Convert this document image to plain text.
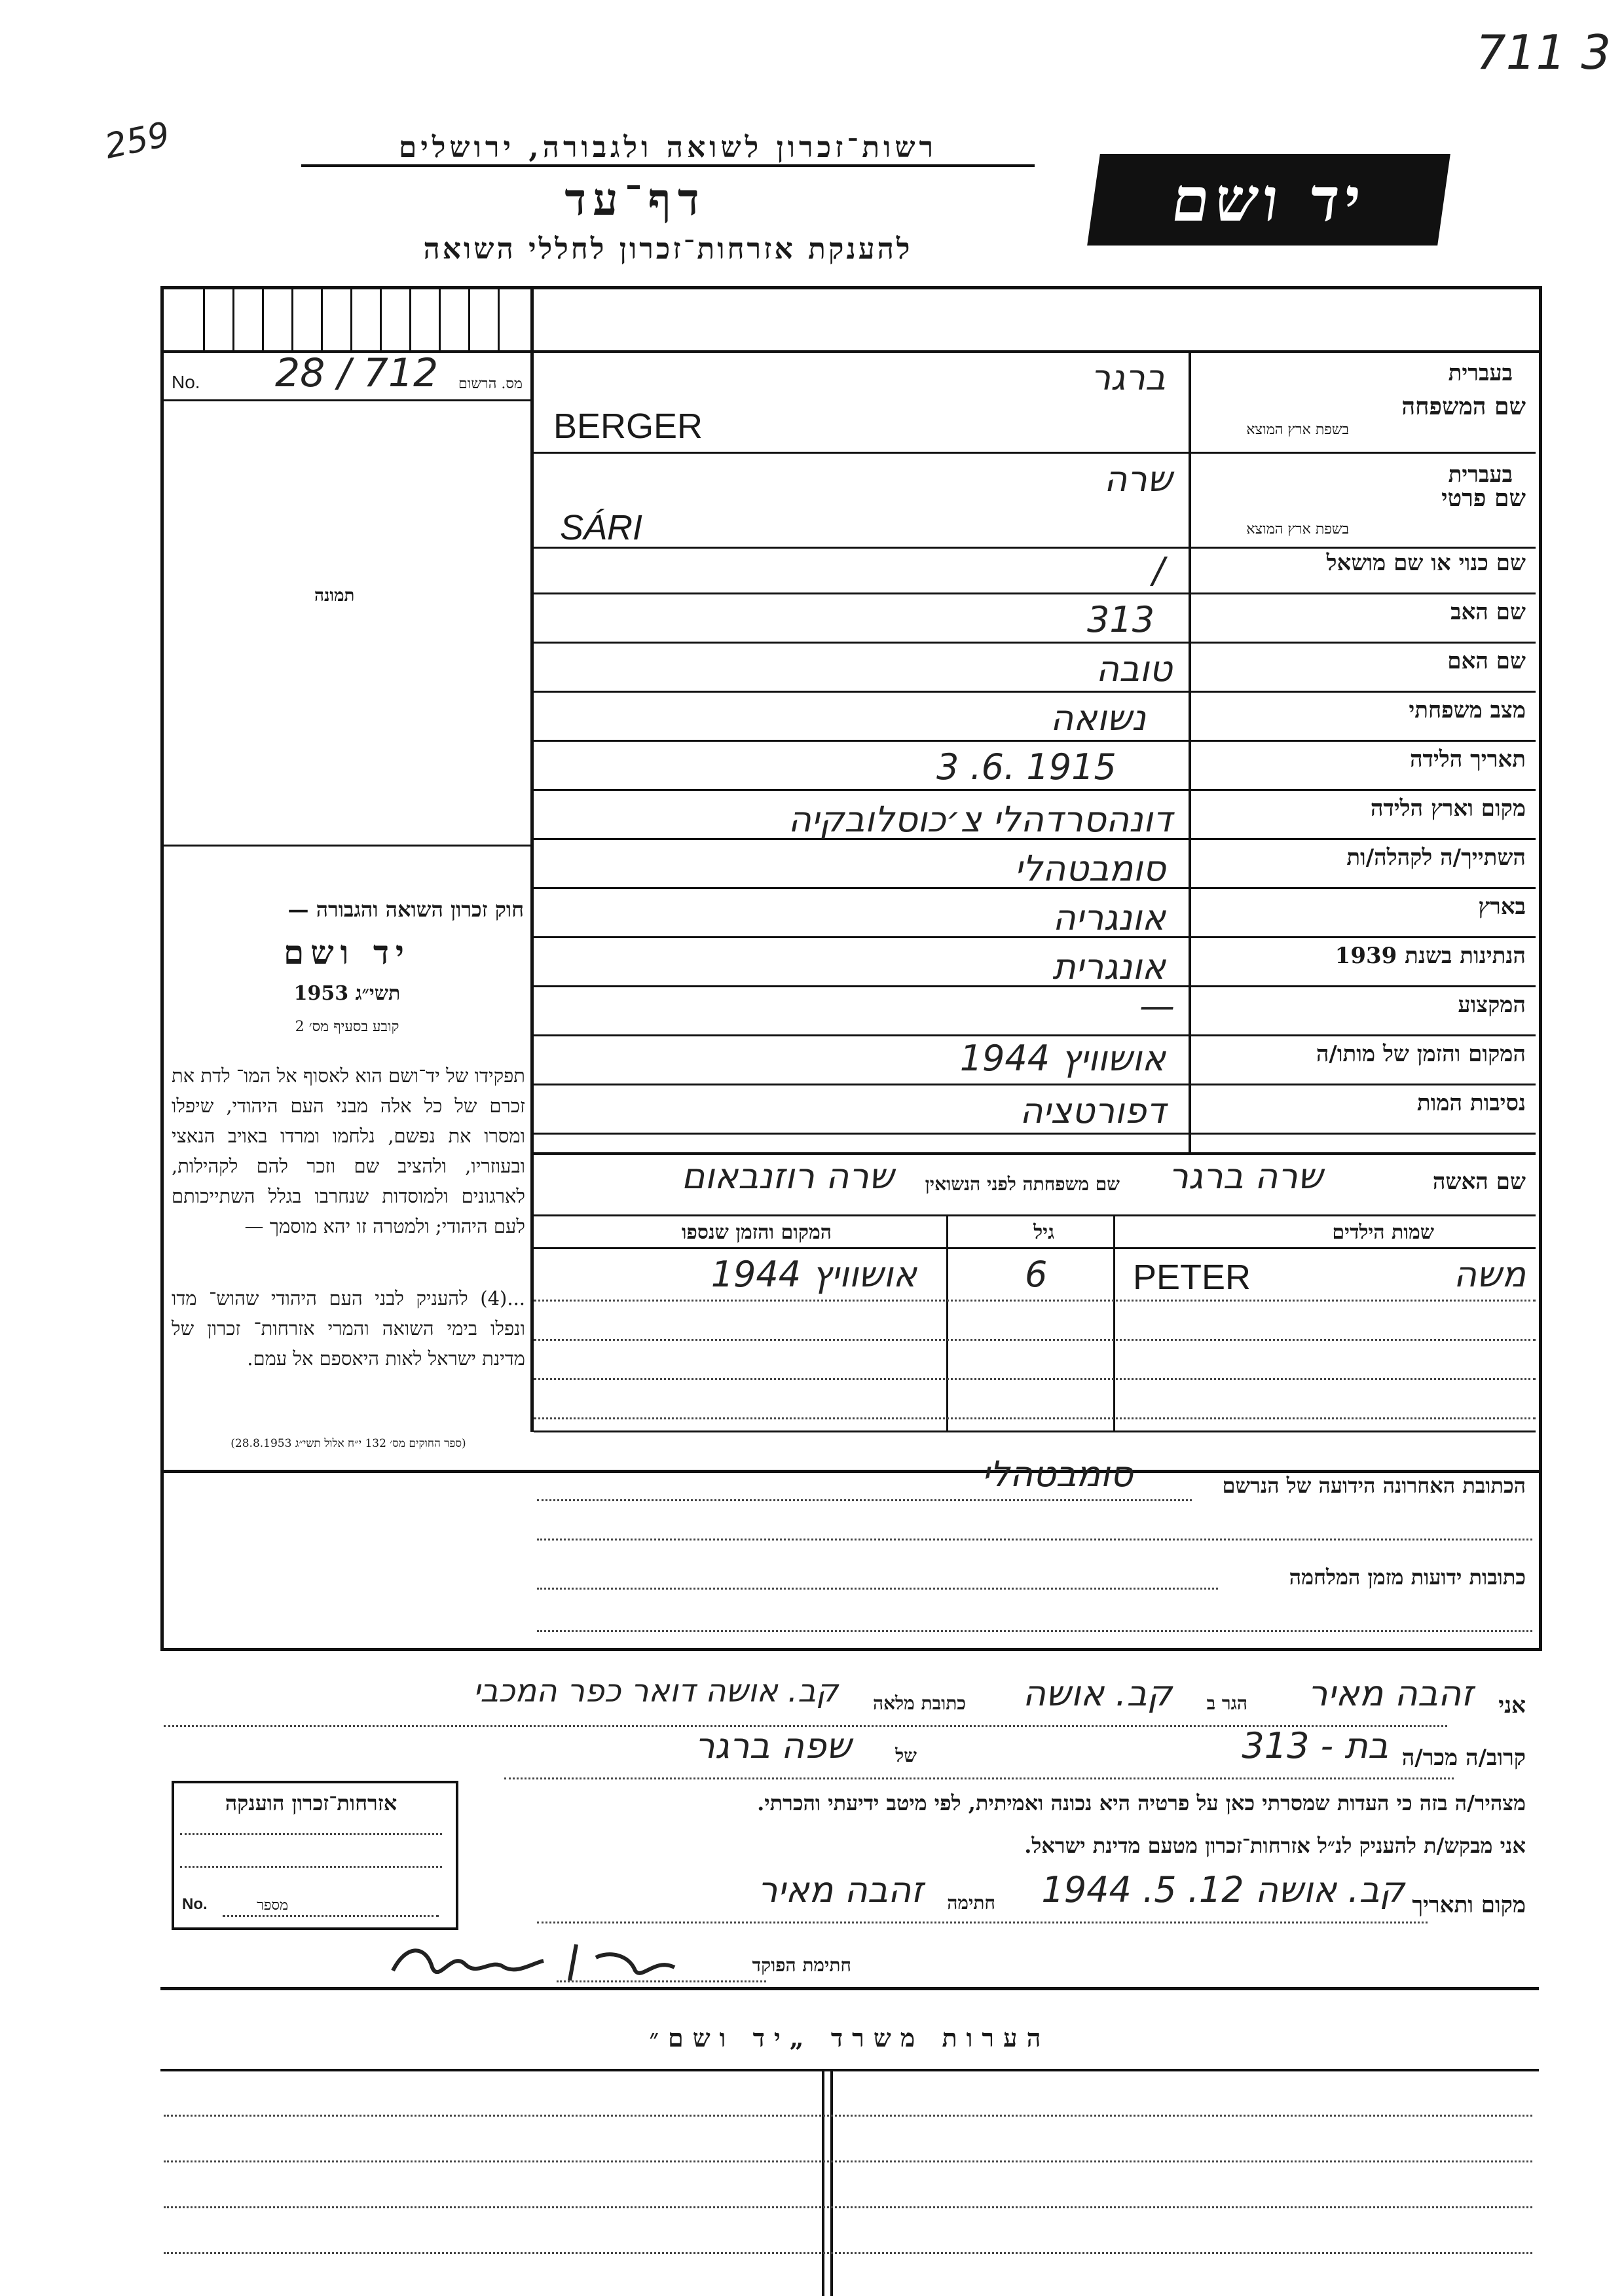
711 3
259	רשות־זכרון לשואה ולגבורה, ירושלים
דף־עד
להענקת אזרחות־זכרון לחללי השואה
יד ושם
No. 28 / 712 מס. הרשום
תמונה
חוק זכרון השואה והגבורה —
יד ושם
תשי״ג 1953
קובע בסעיף מס׳ 2
תפקידו של יד־ושם הוא לאסוף אל המו־ לדת את זכרם של כל אלה מבני העם היהודי, שיפלו ומסרו את נפשם, נלחמו ומרדו באויב הנאצי ובעוזריו, ולהציב שם וזכר להם לקהילות, לארגונים ולמוסדות שנחרבו בגלל השתייכותם לעם היהודי; ולמטרה זו יהא מוסמך —
...(4) להעניק לבני העם היהודי שהוש־ מדו ונפלו בימי השואה והמרי אזרחות־ זכרון של מדינת ישראל לאות היאספם אל עמם.
(ספר החוקים מס׳ 132 י״ח אלול תשי״ג 28.8.1953)
בעברית
שם המשפחה
בשפת ארץ המוצא
בעברית
שם פרטי
בשפת ארץ המוצא
שם כנוי או שם מושאל
שם האב
שם האם
מצב משפחתי
תאריך הלידה
מקום וארץ הלידה
השתייך/ה לקהלה/ות
בארץ
הנתינות בשנת 1939
המקצוע
המקום והזמן של מותו/ה
נסיבות המות
ברגר
BERGER
שרה
SÁRI
/
313
טובה
נשואה
3 .6. 1915
דונהסרדהלי צ׳כוסלובקיה
סומבטהלי
אונגריה
אונגרית
—
אושוויץ 1944
דפורטציה
שם האשה
שרה ברגר
שם משפחתה לפני הנשואין
שרה רוזנבאום
שמות הילדים
גיל
המקום והזמן שנספו
משה
PETER
6
אושוויץ 1944
הכתובת האחרונה הידועה של הנרשם
סומבטהלי
כתובות ידועות מזמן המלחמה
אני
זהבה מאיר
הגר ב
קב. אושה
כתובת מלאה
קב. אושה דואר כפר המכבי
קרוב/ה מכר/ה
בת - 313
של
שפה ברגר
מצהיר/ה בזה כי העדות שמסרתי כאן על פרטיה היא נכונה ואמיתית, לפי מיטב ידיעתי והכרתי.
אני מבקש/ת להעניק לנ״ל אזרחות־זכרון מטעם מדינת ישראל.
מקום ותאריך
קב. אושה 12. 5. 1944
חתימה
זהבה מאיר
חתימת הפוקד
אזרחות־זכרון הוענקה
No.	מספר
הערות משרד „יד ושם״
